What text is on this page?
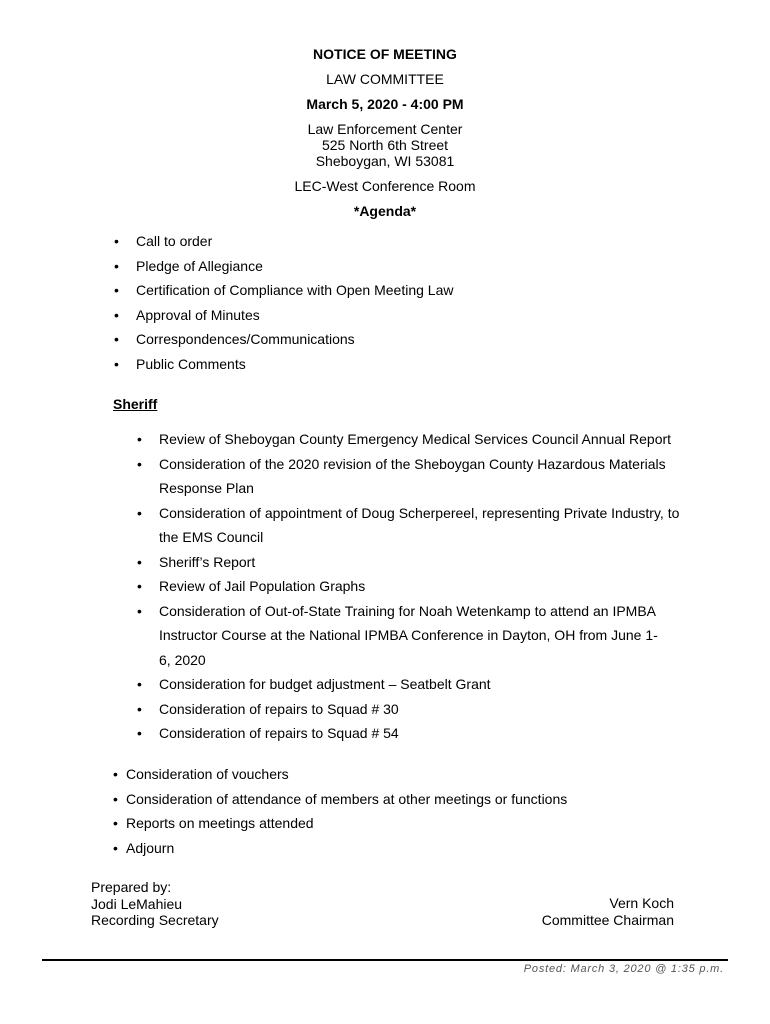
NOTICE OF MEETING
LAW COMMITTEE
March 5, 2020 - 4:00 PM
Law Enforcement Center
525 North 6th Street
Sheboygan, WI 53081
LEC-West Conference Room
*Agenda*
• Call to order
• Pledge of Allegiance
• Certification of Compliance with Open Meeting Law
• Approval of Minutes
• Correspondences/Communications
• Public Comments
Sheriff
• Review of Sheboygan County Emergency Medical Services Council Annual Report
• Consideration of the 2020 revision of the Sheboygan County Hazardous Materials Response Plan
• Consideration of appointment of Doug Scherpereel, representing Private Industry, to the EMS Council
• Sheriff’s Report
• Review of Jail Population Graphs
• Consideration of Out-of-State Training for Noah Wetenkamp to attend an IPMBA Instructor Course at the National IPMBA Conference in Dayton, OH from June 1-6, 2020
• Consideration for budget adjustment – Seatbelt Grant
• Consideration of repairs to Squad # 30
• Consideration of repairs to Squad # 54
• Consideration of vouchers
• Consideration of attendance of members at other meetings or functions
• Reports on meetings attended
• Adjourn
Prepared by:
Jodi LeMahieu
Recording Secretary
Vern Koch
Committee Chairman
Posted: March 3, 2020 @ 1:35 p.m.
